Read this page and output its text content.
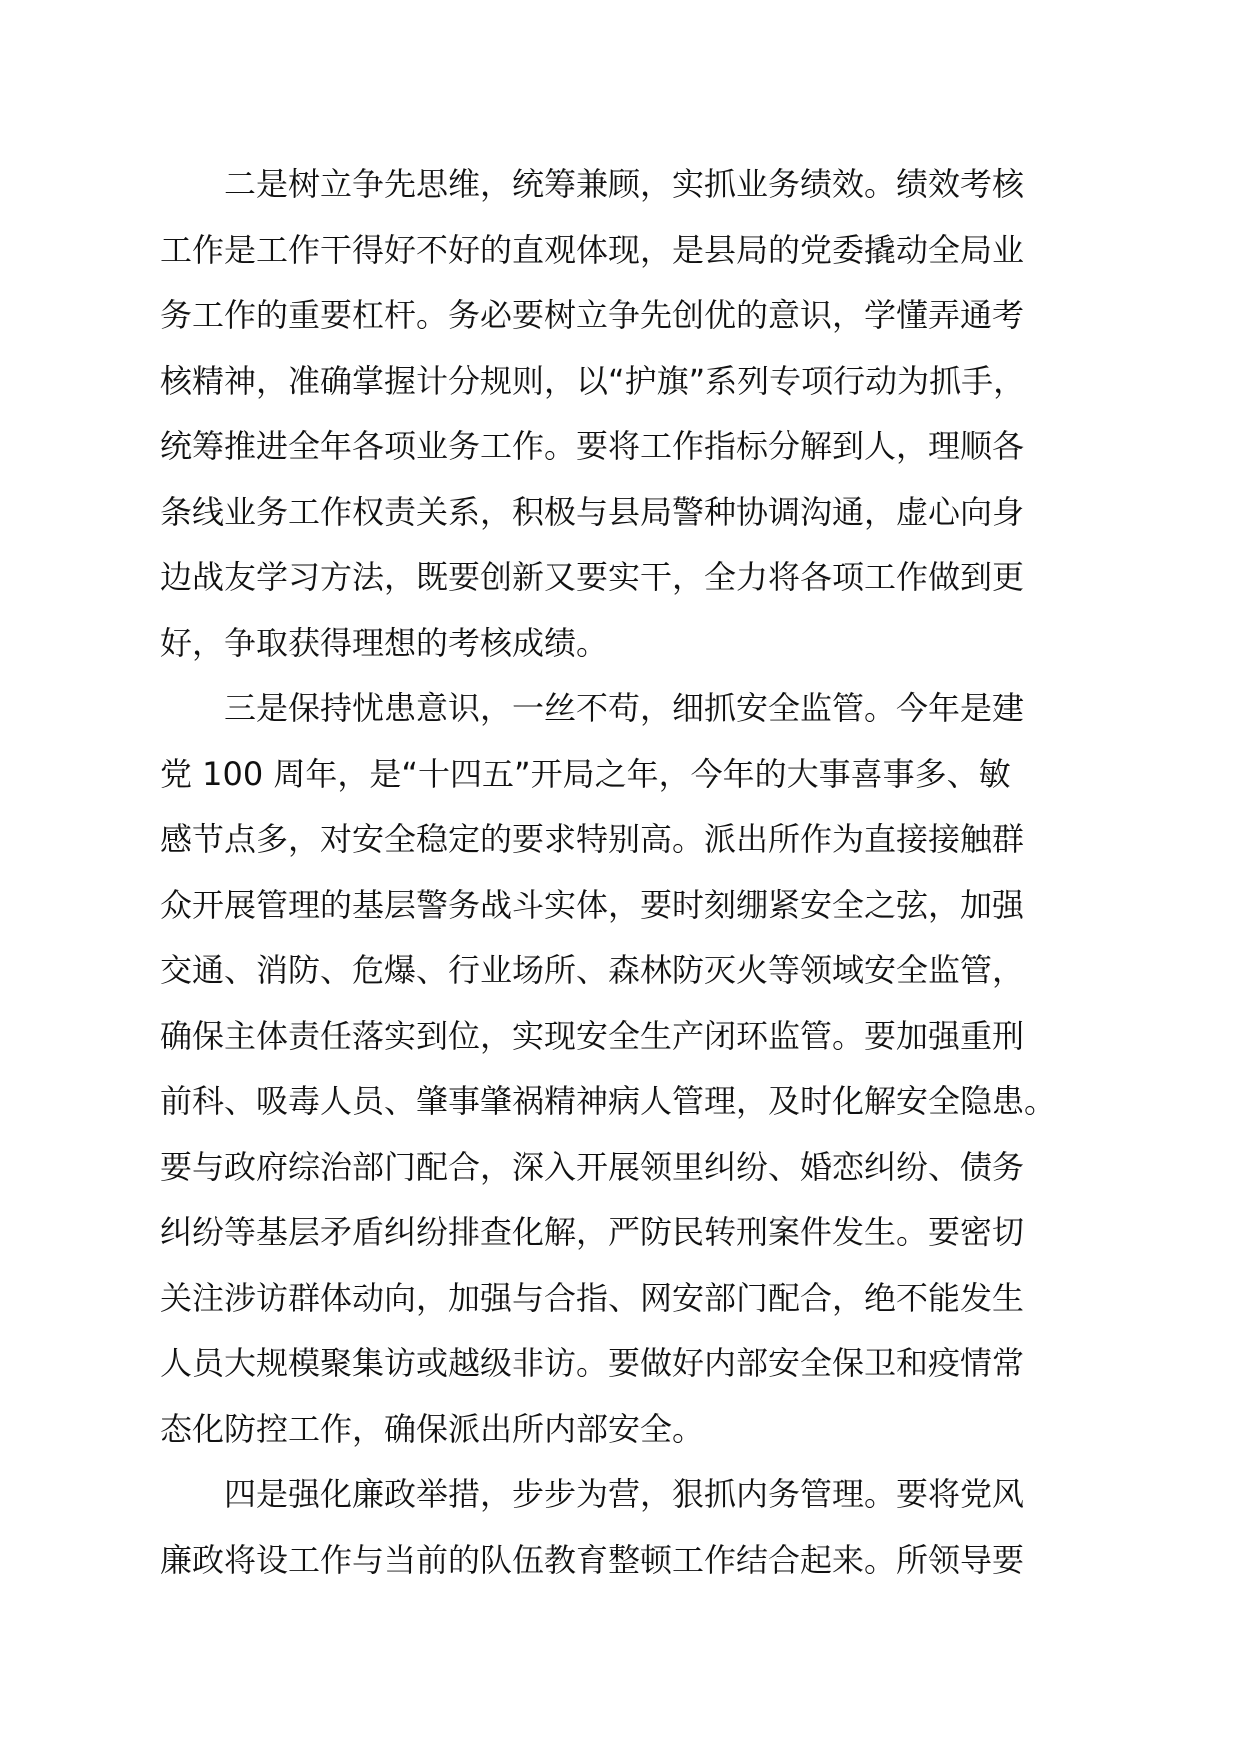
二是树立争先思维，统筹兼顾，实抓业务绩效。绩效考核
工作是工作干得好不好的直观体现，是县局的党委撬动全局业
务工作的重要杠杆。务必要树立争先创优的意识，学懂弄通考
核精神，准确掌握计分规则，以“护旗”系列专项行动为抓手，
统筹推进全年各项业务工作。要将工作指标分解到人，理顺各
条线业务工作权责关系，积极与县局警种协调沟通，虚心向身
边战友学习方法，既要创新又要实干，全力将各项工作做到更
好，争取获得理想的考核成绩。
三是保持忧患意识，一丝不苟，细抓安全监管。今年是建
党 100 周年，是“十四五”开局之年，今年的大事喜事多、敏
感节点多，对安全稳定的要求特别高。派出所作为直接接触群
众开展管理的基层警务战斗实体，要时刻绷紧安全之弦，加强
交通、消防、危爆、行业场所、森林防灭火等领域安全监管，
确保主体责任落实到位，实现安全生产闭环监管。要加强重刑
前科、吸毒人员、肇事肇祸精神病人管理，及时化解安全隐患。
要与政府综治部门配合，深入开展领里纠纷、婚恋纠纷、债务
纠纷等基层矛盾纠纷排查化解，严防民转刑案件发生。要密切
关注涉访群体动向，加强与合指、网安部门配合，绝不能发生
人员大规模聚集访或越级非访。要做好内部安全保卫和疫情常
态化防控工作，确保派出所内部安全。
四是强化廉政举措，步步为营，狠抓内务管理。要将党风
廉政将设工作与当前的队伍教育整顿工作结合起来。所领导要
